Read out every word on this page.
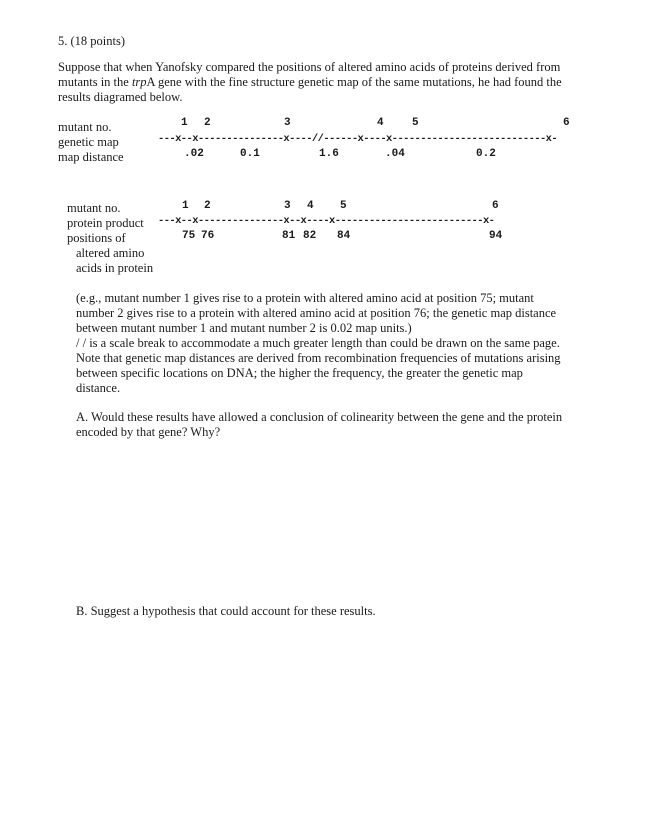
5. (18 points)
Suppose that when Yanofsky compared the positions of altered amino acids of proteins derived from
mutants in the trpA gene with the fine structure genetic map of the same mutations, he had found the
results diagramed below.
mutant no.
genetic map
map distance
1 2	3	4	5	6
---x--x---------------x----//------x----x---------------------------x-
.02	0.1	1.6	.04	0.2
mutant no.
protein product
positions of
altered amino
acids in protein
1 2	3 4 5	6
---x--x---------------x--x----x--------------------------x-
75 76	81 82 84	94
(e.g., mutant number 1 gives rise to a protein with altered amino acid at position 75; mutant
number 2 gives rise to a protein with altered amino acid at position 76; the genetic map distance
between mutant number 1 and mutant number 2 is 0.02 map units.)
/ / is a scale break to accommodate a much greater length than could be drawn on the same page.
Note that genetic map distances are derived from recombination frequencies of mutations arising
between specific locations on DNA; the higher the frequency, the greater the genetic map
distance.
A. Would these results have allowed a conclusion of colinearity between the gene and the protein
encoded by that gene? Why?
B. Suggest a hypothesis that could account for these results.
